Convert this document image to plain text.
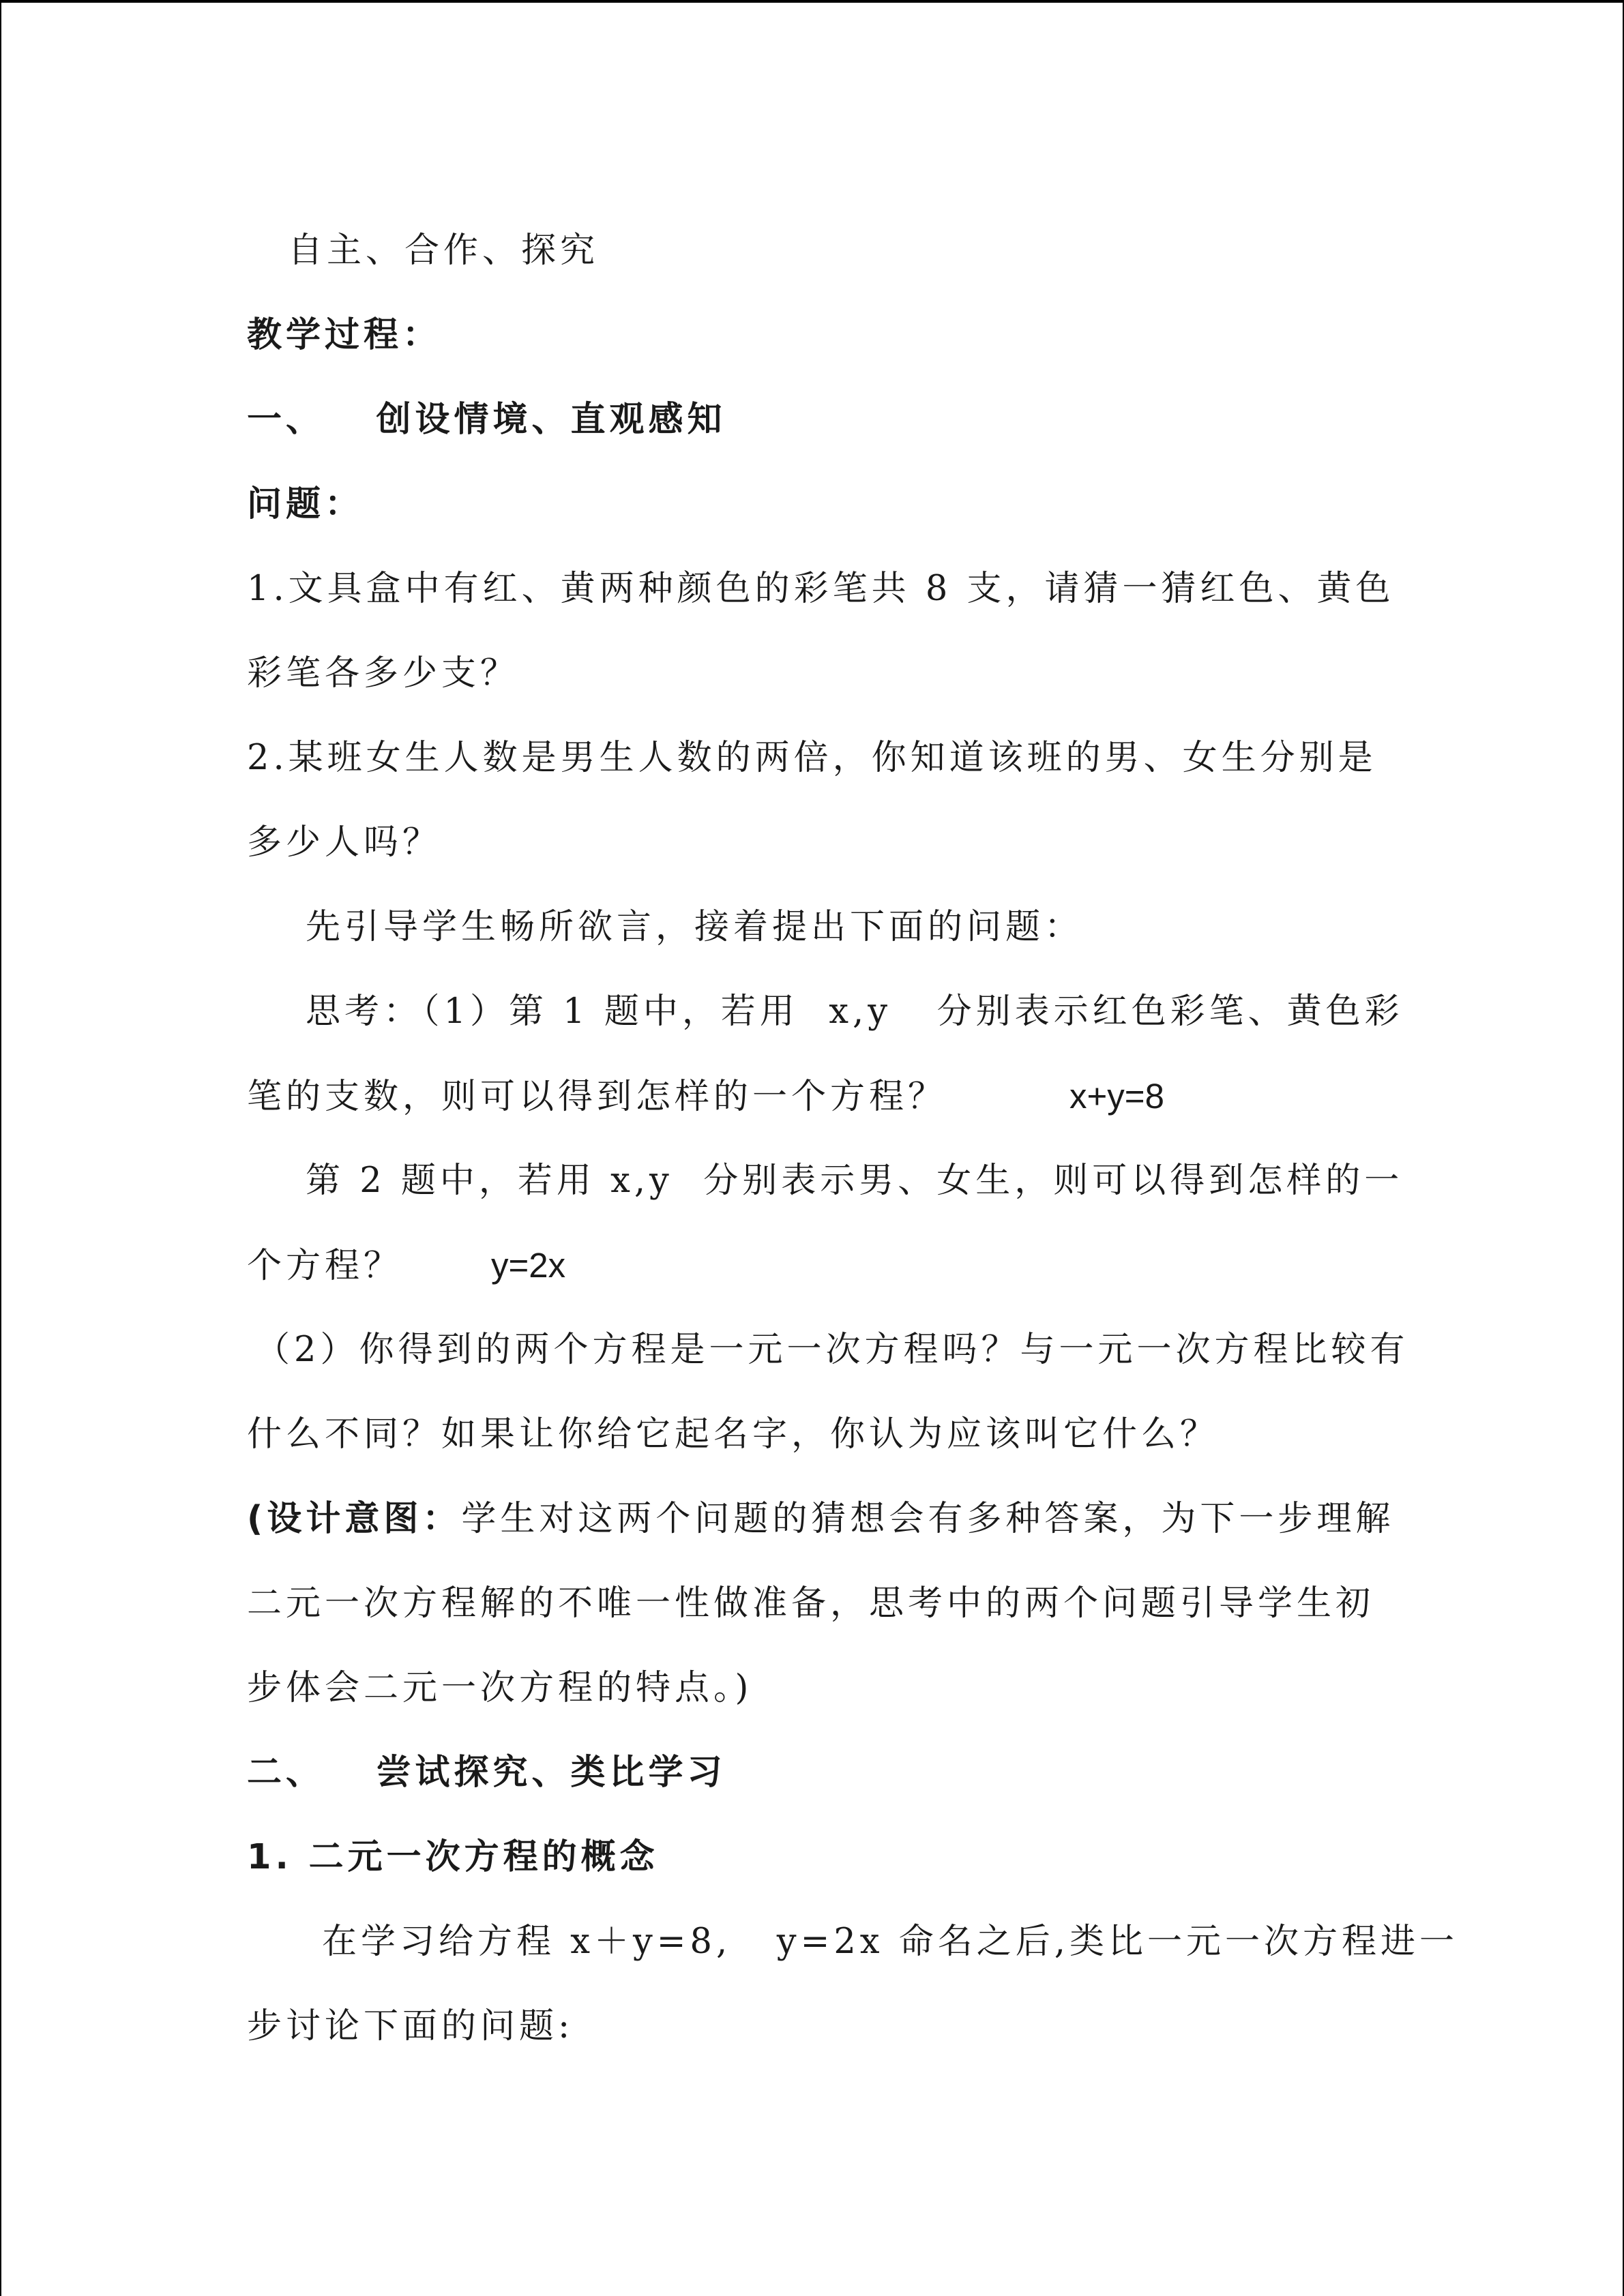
自主、合作、探究
教学过程：
一、 创设情境、直观感知
问题：
1.文具盒中有红、黄两种颜色的彩笔共 8 支，请猜一猜红色、黄色
彩笔各多少支？
2.某班女生人数是男生人数的两倍，你知道该班的男、女生分别是
多少人吗？
先引导学生畅所欲言，接着提出下面的问题：
思考：（1）第 1 题中，若用  x,y   分别表示红色彩笔、黄色彩
笔的支数，则可以得到怎样的一个方程？	x+y=8
第 2 题中，若用 x,y  分别表示男、女生，则可以得到怎样的一
个方程？	y=2x
（2）你得到的两个方程是一元一次方程吗？与一元一次方程比较有
什么不同？如果让你给它起名字，你认为应该叫它什么？
(设计意图：学生对这两个问题的猜想会有多种答案，为下一步理解
二元一次方程解的不唯一性做准备，思考中的两个问题引导学生初
步体会二元一次方程的特点。)
二、 尝试探究、类比学习
1. 二元一次方程的概念
在学习给方程 x＋y=8,   y=2x 命名之后,类比一元一次方程进一
步讨论下面的问题:
